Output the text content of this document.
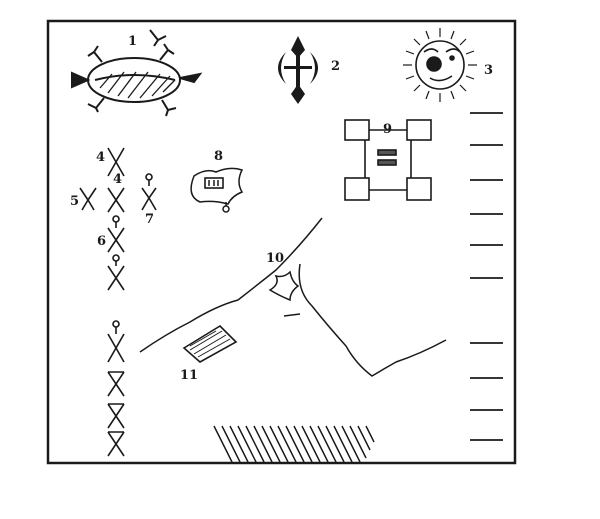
1
2	3
9
4
4
5
6
7
8
10
11
